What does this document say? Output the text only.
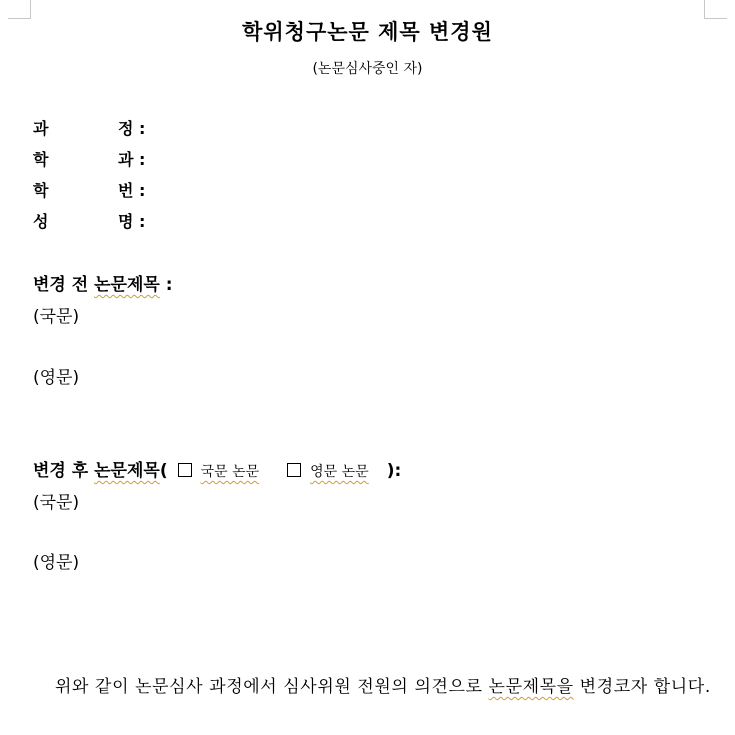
학위청구논문 제목 변경원
(논문심사중인 자)
과	정 :
학	과 :
학	번 :
성	명 :
변경 전 논문제목 :
(국문)
(영문)
변경 후 논문제목( 국문 논문	영문 논문 ):
(국문)
(영문)
위와 같이 논문심사 과정에서 심사위원 전원의 의견으로 논문제목을 변경코자 합니다.
